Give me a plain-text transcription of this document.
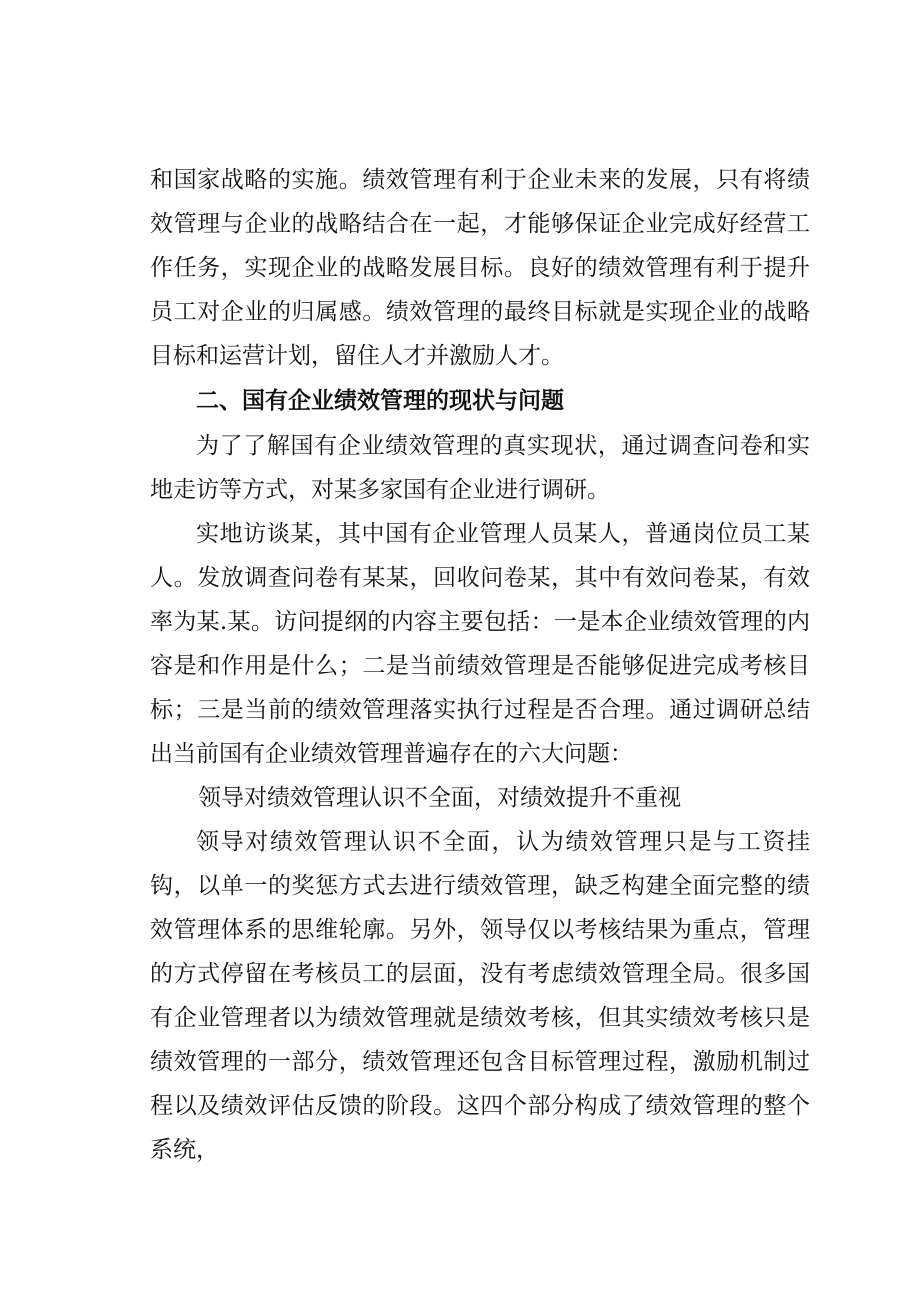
和国家战略的实施。绩效管理有利于企业未来的发展，只有将绩效管理与企业的战略结合在一起，才能够保证企业完成好经营工作任务，实现企业的战略发展目标。良好的绩效管理有利于提升员工对企业的归属感。绩效管理的最终目标就是实现企业的战略目标和运营计划，留住人才并激励人才。

二、国有企业绩效管理的现状与问题

为了了解国有企业绩效管理的真实现状，通过调查问卷和实地走访等方式，对某多家国有企业进行调研。

实地访谈某，其中国有企业管理人员某人，普通岗位员工某人。发放调查问卷有某某，回收问卷某，其中有效问卷某，有效率为某.某。访问提纲的内容主要包括：一是本企业绩效管理的内容是和作用是什么；二是当前绩效管理是否能够促进完成考核目标；三是当前的绩效管理落实执行过程是否合理。通过调研总结出当前国有企业绩效管理普遍存在的六大问题：

领导对绩效管理认识不全面，对绩效提升不重视

领导对绩效管理认识不全面，认为绩效管理只是与工资挂钩，以单一的奖惩方式去进行绩效管理，缺乏构建全面完整的绩效管理体系的思维轮廓。另外，领导仅以考核结果为重点，管理的方式停留在考核员工的层面，没有考虑绩效管理全局。很多国有企业管理者以为绩效管理就是绩效考核，但其实绩效考核只是绩效管理的一部分，绩效管理还包含目标管理过程，激励机制过程以及绩效评估反馈的阶段。这四个部分构成了绩效管理的整个系统，
